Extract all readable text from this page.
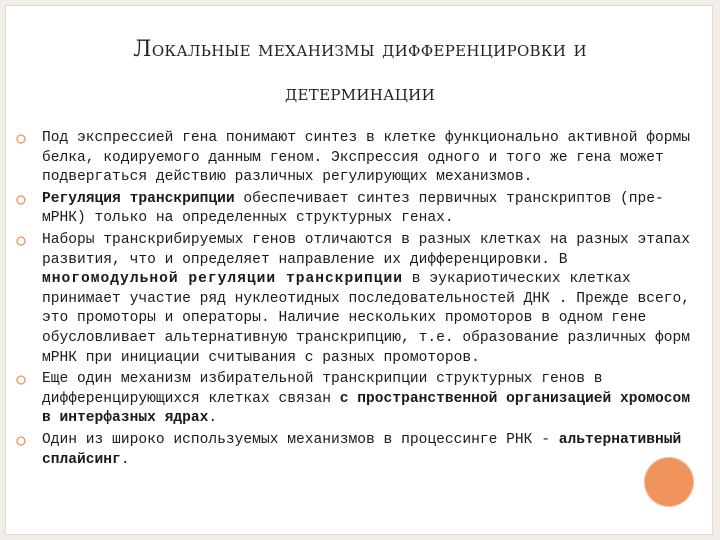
Локальные механизмы дифференцировки и
детерминации
Под экспрессией гена понимают синтез в клетке функционально активной формы белка, кодируемого данным геном. Экспрессия одного и того же гена может подвергаться действию различных регулирующих механизмов.
Регуляция транскрипции обеспечивает синтез первичных транскриптов (пре-мРНК) только на определенных структурных генах.
Наборы транскрибируемых генов отличаются в разных клетках на разных этапах развития, что и определяет направление их дифференцировки. В многомодульной регуляции транскрипции в эукариотических клетках принимает участие ряд нуклеотидных последовательностей ДНК . Прежде всего, это промоторы и операторы. Наличие нескольких промоторов в одном гене обусловливает альтернативную транскрипцию, т.е. образование различных форм мРНК при инициации считывания с разных промоторов.
Еще один механизм избирательной транскрипции структурных генов в дифференцирующихся клетках связан с пространственной организацией хромосом в интерфазных ядрах.
Один из широко используемых механизмов в процессинге РНК - альтернативный сплайсинг.
